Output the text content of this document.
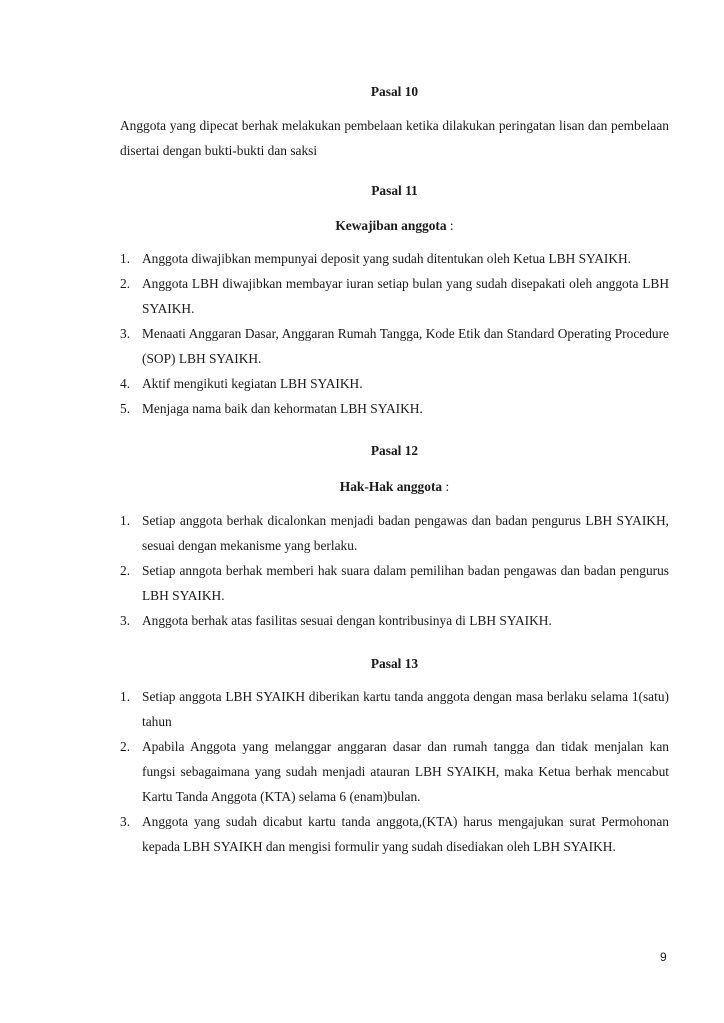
Pasal 10

Anggota yang dipecat berhak melakukan pembelaan ketika dilakukan peringatan lisan dan pembelaan disertai dengan bukti-bukti dan saksi

Pasal 11
Kewajiban anggota :
1. Anggota diwajibkan mempunyai deposit yang sudah ditentukan oleh Ketua LBH SYAIKH.
2. Anggota LBH diwajibkan membayar iuran setiap bulan yang sudah disepakati oleh anggota LBH SYAIKH.
3. Menaati Anggaran Dasar, Anggaran Rumah Tangga, Kode Etik dan Standard Operating Procedure (SOP) LBH SYAIKH.
4. Aktif mengikuti kegiatan LBH SYAIKH.
5. Menjaga nama baik dan kehormatan LBH SYAIKH.
Pasal 12
Hak-Hak anggota :
1. Setiap anggota berhak dicalonkan menjadi badan pengawas dan badan pengurus LBH SYAIKH, sesuai dengan mekanisme yang berlaku.
2. Setiap anngota berhak memberi hak suara dalam pemilihan badan pengawas dan badan pengurus LBH SYAIKH.
3. Anggota berhak atas fasilitas sesuai dengan kontribusinya di LBH SYAIKH.
Pasal 13
1. Setiap anggota LBH SYAIKH diberikan kartu tanda anggota dengan masa berlaku selama 1(satu) tahun
2. Apabila Anggota yang melanggar anggaran dasar dan rumah tangga dan tidak menjalan kan fungsi sebagaimana yang sudah menjadi atauran LBH SYAIKH, maka Ketua berhak mencabut Kartu Tanda Anggota (KTA) selama 6 (enam)bulan.
3. Anggota yang sudah dicabut kartu tanda anggota,(KTA) harus mengajukan surat Permohonan kepada LBH SYAIKH dan mengisi formulir yang sudah disediakan oleh LBH SYAIKH.
9
